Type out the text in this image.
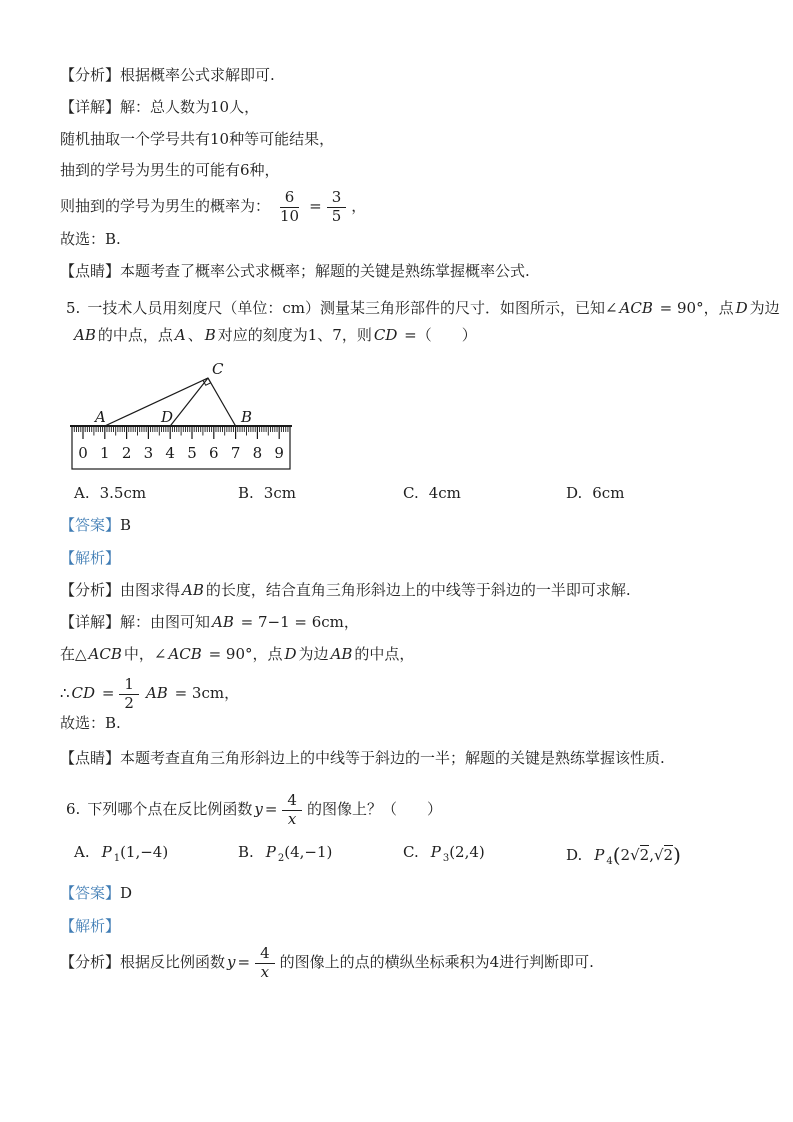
【分析】根据概率公式求解即可.
【详解】解：总人数为10人，
随机抽取一个学号共有10种等可能结果，
抽到的学号为男生的可能有6种，
则抽到的学号为男生的概率为： $\frac{6}{10} = \frac{3}{5}$ ，
故选：B.
【点睛】本题考查了概率公式求概率；解题的关键是熟练掌握概率公式.
5. 一技术人员用刻度尺（单位：cm）测量某三角形部件的尺寸．如图所示，已知∠ ACB = 90°，点 D 为边
AB 的中点，点 A 、 B 对应的刻度为1、7，则 CD =（　　）
0 1 2 3 4 5 6 7 8 9
A	D	B
C
A. 3.5cm	B. 3cm	C. 4cm	D. 6cm
【答案】B
【解析】
【分析】由图求得 AB 的长度，结合直角三角形斜边上的中线等于斜边的一半即可求解.
【详解】解：由图可知 AB = 7−1 = 6cm，
在△ ACB 中，∠ ACB = 90°，点 D 为边 AB 的中点，
∴ CD = $\frac{1}{2}$ AB = 3cm ，
故选：B.
【点睛】本题考查直角三角形斜边上的中线等于斜边的一半；解题的关键是熟练掌握该性质.
6. 下列哪个点在反比例函数 $y = \frac{4}{x}$ 的图像上？（　　）
A. P $_1$(1,−4)	B. P $_2$(4,−1)	C. P $_3$(2,4)	D. P $_4$(2√2,√2)
【答案】D
【解析】
【分析】根据反比例函数 $y = \frac{4}{x}$ 的图像上的点的横纵坐标乘积为4进行判断即可.
